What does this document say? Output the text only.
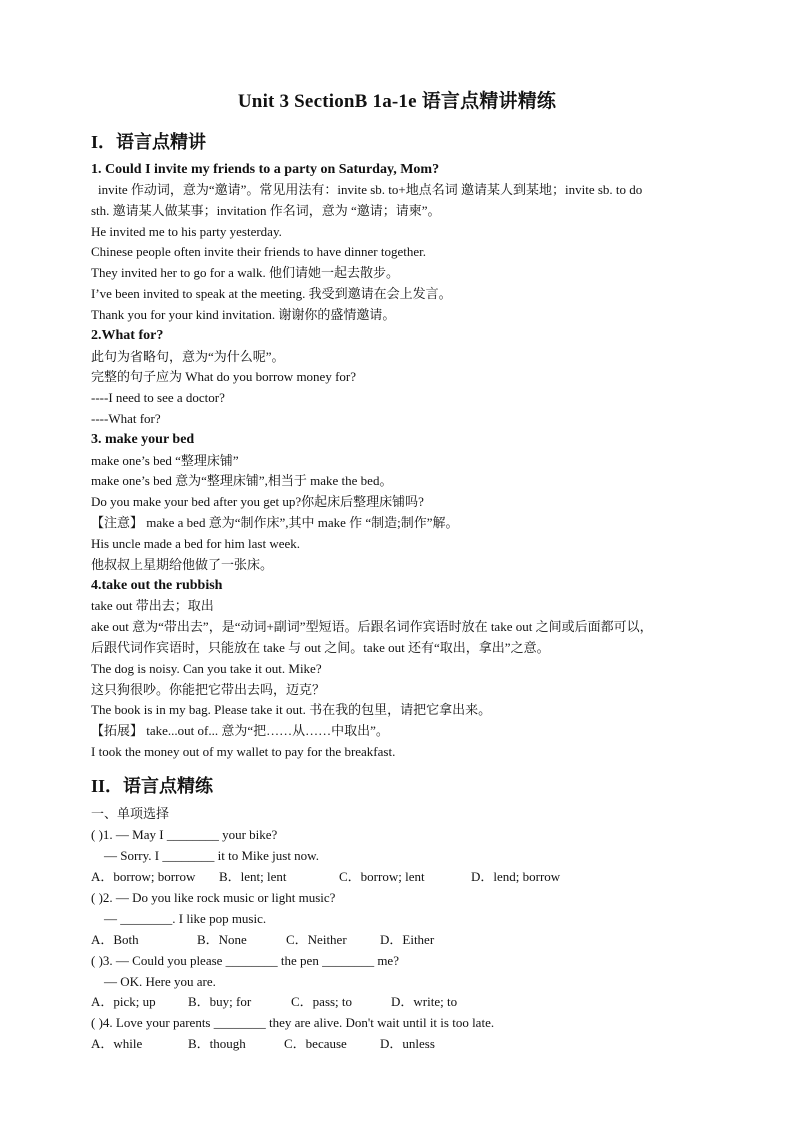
Unit 3 SectionB 1a-1e 语言点精讲精练
I．语言点精讲
1. Could I invite my friends to a party on Saturday, Mom?
invite 作动词，意为“邀请”。常见用法有：invite sb. to+地点名词 邀请某人到某地；invite sb. to do
sth. 邀请某人做某事；invitation 作名词，意为 “邀请；请柬”。
He invited me to his party yesterday.
Chinese people often invite their friends to have dinner together.
They invited her to go for a walk. 他们请她一起去散步。
I’ve been invited to speak at the meeting. 我受到邀请在会上发言。
Thank you for your kind invitation. 谢谢你的盛情邀请。
2.What for?
此句为省略句，意为“为什么呢”。
完整的句子应为 What do you borrow money for?
----I need to see a doctor?
----What for?
3. make your bed
make one’s bed “整理床铺”
make one’s bed 意为“整理床铺”,相当于 make the bed。
Do you make your bed after you get up?你起床后整理床铺吗?
【注意】 make a bed 意为“制作床”,其中 make 作 “制造;制作”解。
His uncle made a bed for him last week.
他叔叔上星期给他做了一张床。
4.take out the rubbish
take out 带出去；取出
ake out 意为“带出去”，是“动词+副词”型短语。后跟名词作宾语时放在 take out 之间或后面都可以，
后跟代词作宾语时，只能放在 take 与 out 之间。take out 还有“取出，拿出”之意。
The dog is noisy. Can you take it out. Mike?
这只狗很吵。你能把它带出去吗，迈克？
The book is in my bag. Please take it out. 书在我的包里，请把它拿出来。
【拓展】 take...out of... 意为“把……从……中取出”。
I took the money out of my wallet to pay for the breakfast.
II．语言点精练
一、单项选择
( )1. — May I ________ your bike?
— Sorry. I ________ it to Mike just now.
A．borrow; borrow B．lent; lent	C．borrow; lent	D．lend; borrow
( )2. — Do you like rock music or light music?
— ________. I like pop music.
A．Both	B．None	C．Neither	D．Either
( )3. — Could you please ________ the pen ________ me?
— OK. Here you are.
A．pick; up B．buy; for	C．pass; to	D．write; to
( )4. Love your parents ________ they are alive. Don't wait until it is too late.
A．while	B．though	C．because	D．unless
